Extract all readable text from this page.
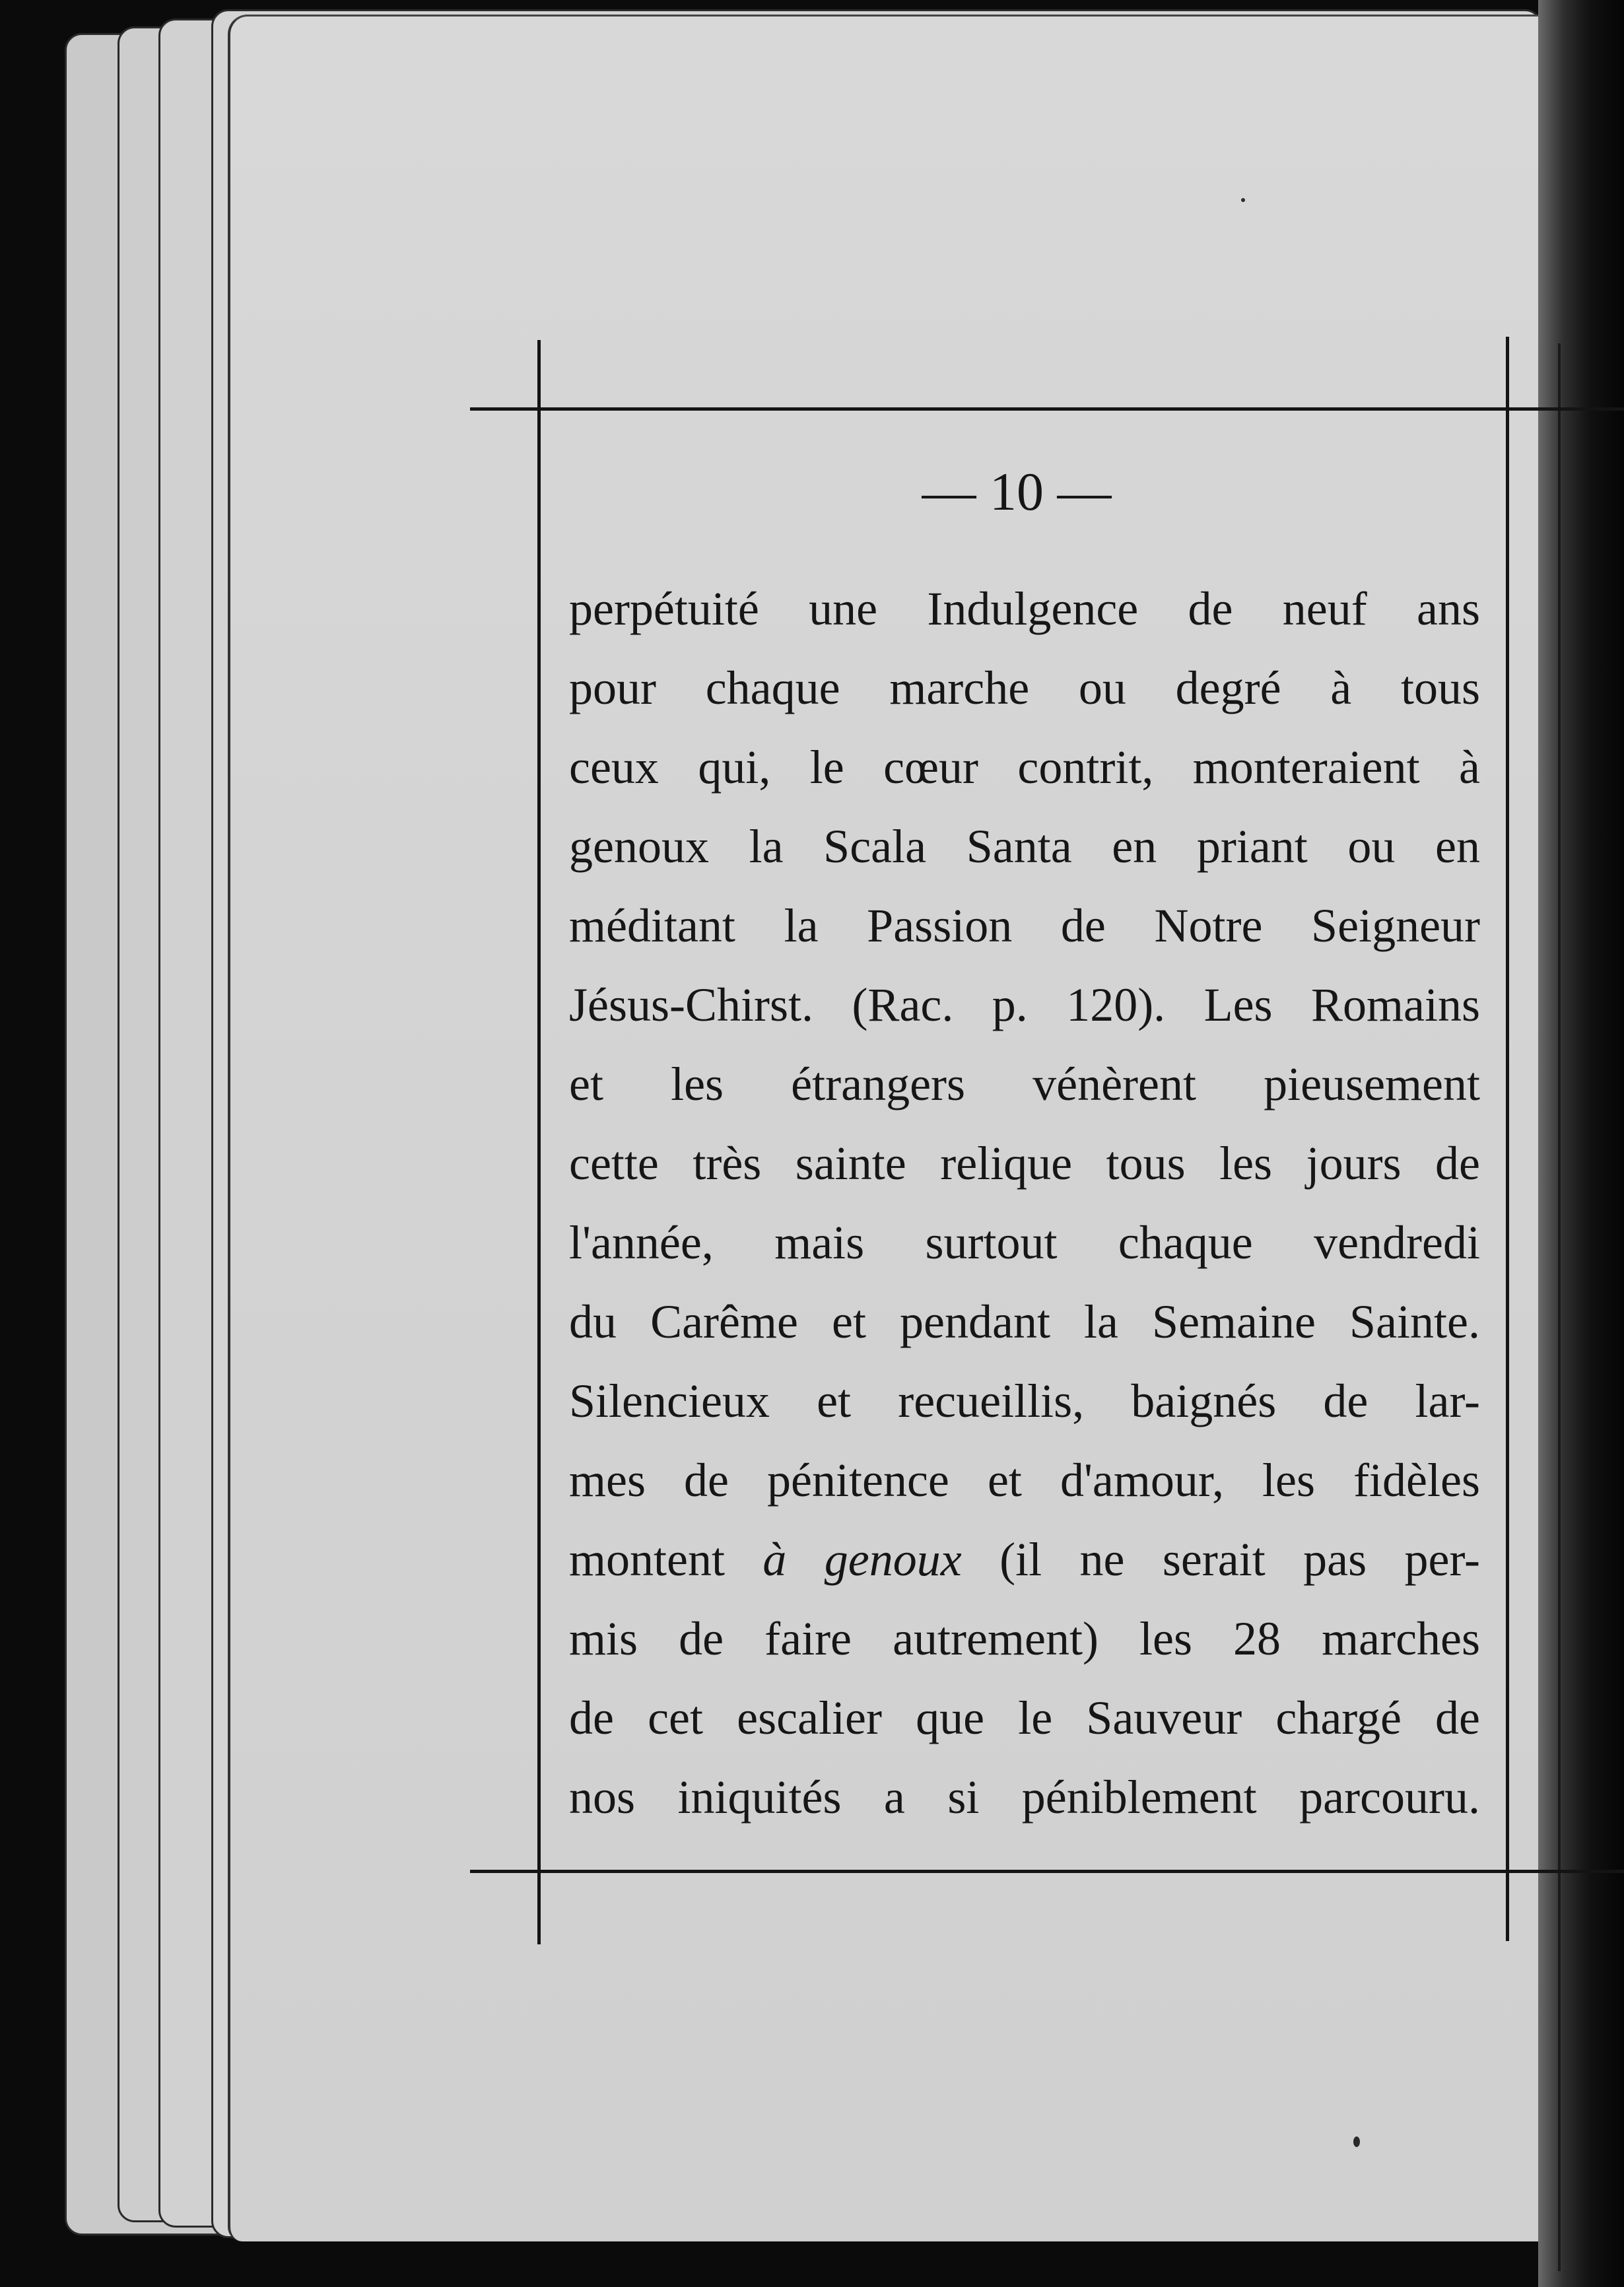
— 10 —
perpétuité une Indulgence de neuf ans
pour chaque marche ou degré à tous
ceux qui, le cœur contrit, monteraient à
genoux la Scala Santa en priant ou en
méditant la Passion de Notre Seigneur
Jésus-Chirst. (Rac. p. 120). Les Romains
et les étrangers vénèrent pieusement
cette très sainte relique tous les jours de
l'année, mais surtout chaque vendredi
du Carême et pendant la Semaine Sainte.
Silencieux et recueillis, baignés de lar-
mes de pénitence et d'amour, les fidèles
montent à genoux (il ne serait pas per-
mis de faire autrement) les 28 marches
de cet escalier que le Sauveur chargé de
nos iniquités a si péniblement parcouru.
